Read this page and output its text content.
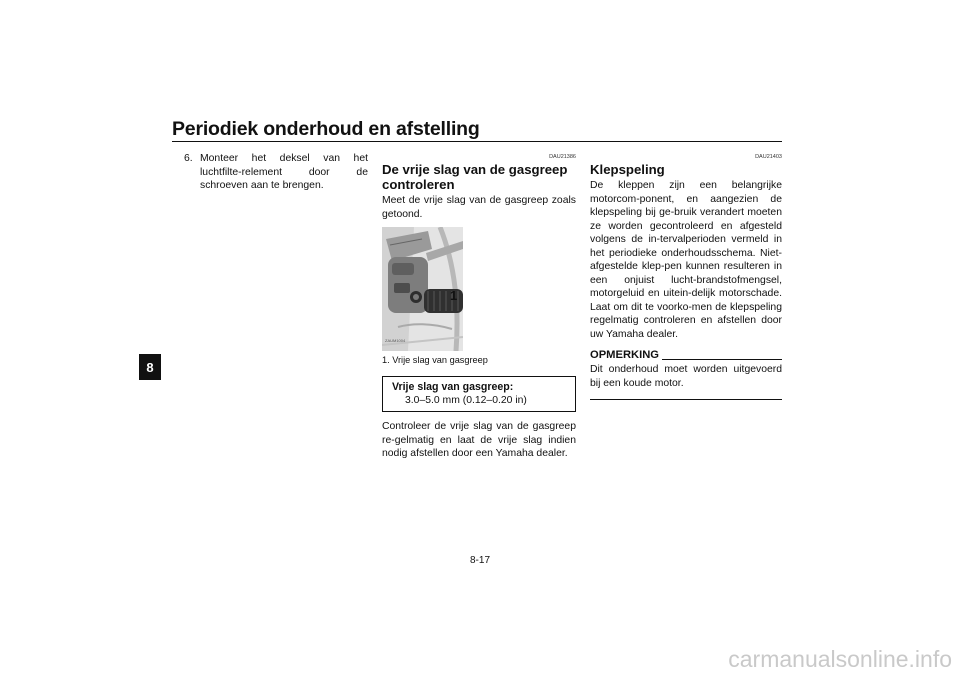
Periodiek onderhoud en afstelling
8
6. Monteer het deksel van het luchtfilte-relement door de schroeven aan te brengen.
DAU21386
De vrije slag van de gasgreep controleren
Meet de vrije slag van de gasgreep zoals getoond.
1
ZAUM1004
1. Vrije slag van gasgreep
Vrije slag van gasgreep:
3.0–5.0 mm (0.12–0.20 in)
Controleer de vrije slag van de gasgreep re-gelmatig en laat de vrije slag indien nodig afstellen door een Yamaha dealer.
DAU21403
Klepspeling
De kleppen zijn een belangrijke motorcom-ponent, en aangezien de klepspeling bij ge-bruik verandert moeten ze worden gecontroleerd en afgesteld volgens de in-tervalperioden vermeld in het periodieke onderhoudsschema. Niet-afgestelde klep-pen kunnen resulteren in een onjuist lucht-brandstofmengsel, motorgeluid en uitein-delijk motorschade. Laat om dit te voorko-men de klepspeling regelmatig controleren en afstellen door uw Yamaha dealer.
OPMERKING
Dit onderhoud moet worden uitgevoerd bij een koude motor.
8-17
carmanualsonline.info
